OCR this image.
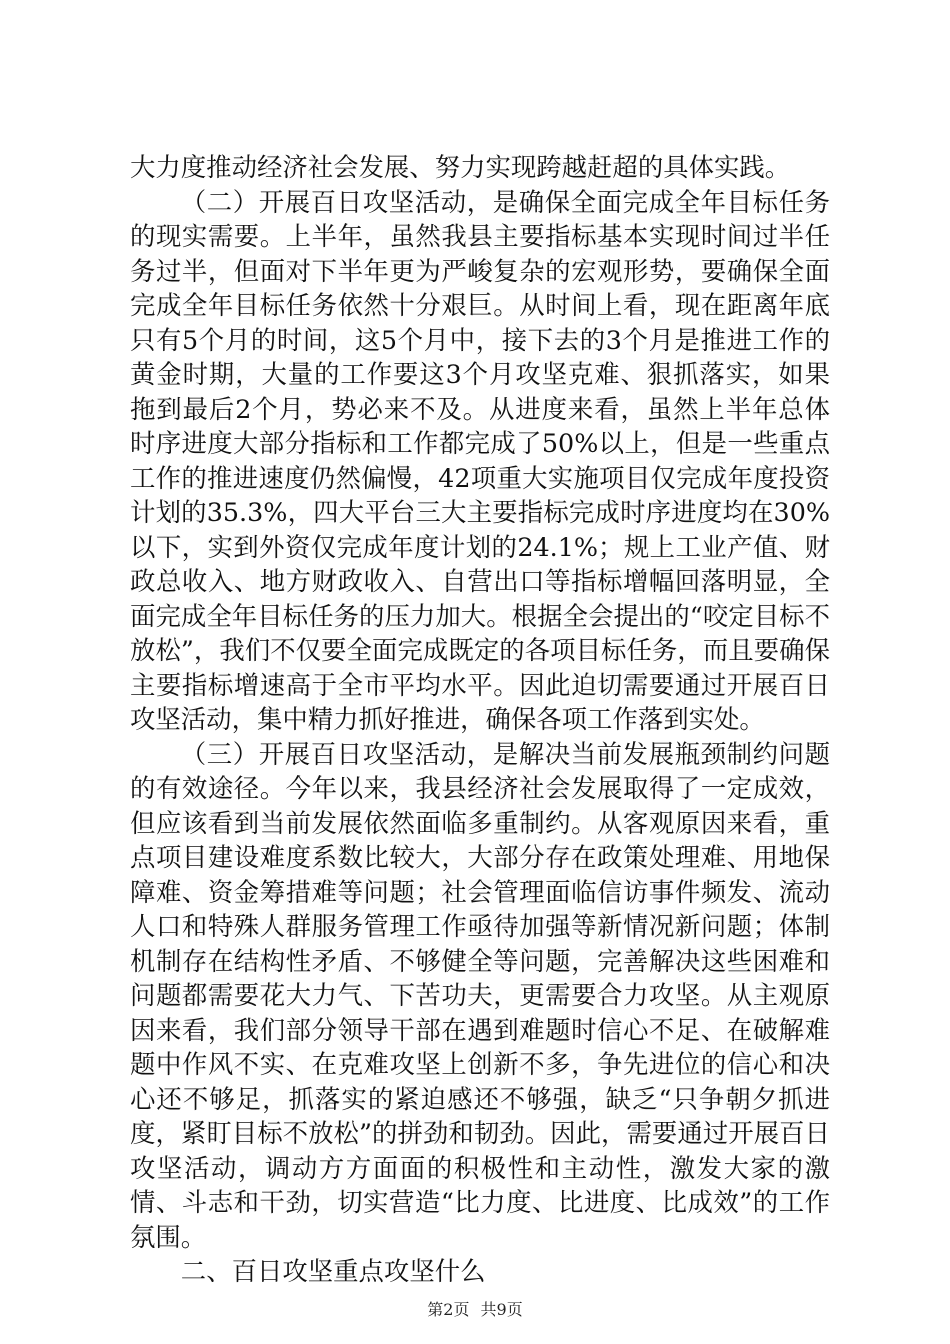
大力度推动经济社会发展、努力实现跨越赶超的具体实践。

（二）开展百日攻坚活动，是确保全面完成全年目标任务的现实需要。上半年，虽然我县主要指标基本实现时间过半任务过半，但面对下半年更为严峻复杂的宏观形势，要确保全面完成全年目标任务依然十分艰巨。从时间上看，现在距离年底只有5个月的时间，这5个月中，接下去的3个月是推进工作的黄金时期，大量的工作要这3个月攻坚克难、狠抓落实，如果拖到最后2个月，势必来不及。从进度来看，虽然上半年总体时序进度大部分指标和工作都完成了50%以上，但是一些重点工作的推进速度仍然偏慢，42项重大实施项目仅完成年度投资计划的35.3%，四大平台三大主要指标完成时序进度均在30%以下，实到外资仅完成年度计划的24.1%；规上工业产值、财政总收入、地方财政收入、自营出口等指标增幅回落明显，全面完成全年目标任务的压力加大。根据全会提出的“咬定目标不放松”，我们不仅要全面完成既定的各项目标任务，而且要确保主要指标增速高于全市平均水平。因此迫切需要通过开展百日攻坚活动，集中精力抓好推进，确保各项工作落到实处。

（三）开展百日攻坚活动，是解决当前发展瓶颈制约问题的有效途径。今年以来，我县经济社会发展取得了一定成效，但应该看到当前发展依然面临多重制约。从客观原因来看，重点项目建设难度系数比较大，大部分存在政策处理难、用地保障难、资金筹措难等问题；社会管理面临信访事件频发、流动人口和特殊人群服务管理工作亟待加强等新情况新问题；体制机制存在结构性矛盾、不够健全等问题，完善解决这些困难和问题都需要花大力气、下苦功夫，更需要合力攻坚。从主观原因来看，我们部分领导干部在遇到难题时信心不足、在破解难题中作风不实、在克难攻坚上创新不多，争先进位的信心和决心还不够足，抓落实的紧迫感还不够强，缺乏“只争朝夕抓进度，紧盯目标不放松”的拼劲和韧劲。因此，需要通过开展百日攻坚活动，调动方方面面的积极性和主动性，激发大家的激情、斗志和干劲，切实营造“比力度、比进度、比成效”的工作氛围。

二、百日攻坚重点攻坚什么

第2页 共9页
